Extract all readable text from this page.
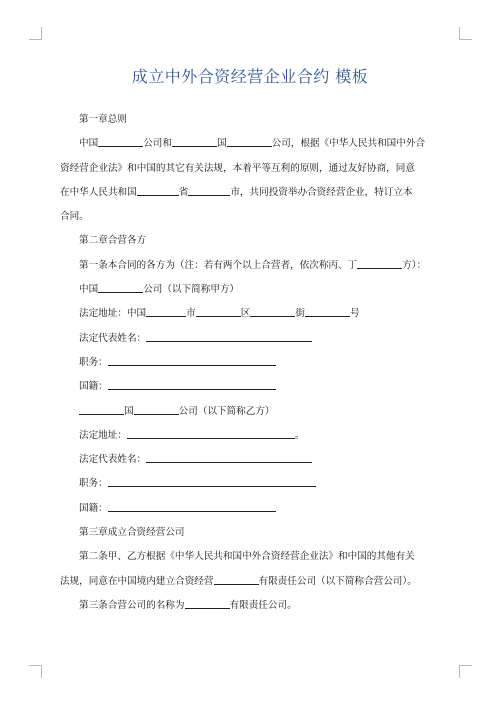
成立中外合资经营企业合约 模板

第一章总则

中国	公司和	国	公司，根据《中华人民共和国中外合

资经营企业法》和中国的其它有关法规，本着平等互利的原则，通过友好协商，同意

在中华人民共和国	省	市，共同投资举办合资经营企业，特订立本

合同。

第二章合营各方

第一条本合同的各方为（注：若有两个以上合营者，依次称丙、丁	方）：

中国	公司（以下简称甲方）

法定地址：中国	市	区	街	号

法定代表姓名：

职务：

国籍：

国	公司（以下简称乙方）

法定地址：	。

法定代表姓名：

职务：

国籍：

第三章成立合资经营公司

第二条甲、乙方根据《中华人民共和国中外合资经营企业法》和中国的其他有关

法规，同意在中国境内建立合资经营	有限责任公司（以下简称合营公司）。

第三条合营公司的名称为	有限责任公司。
